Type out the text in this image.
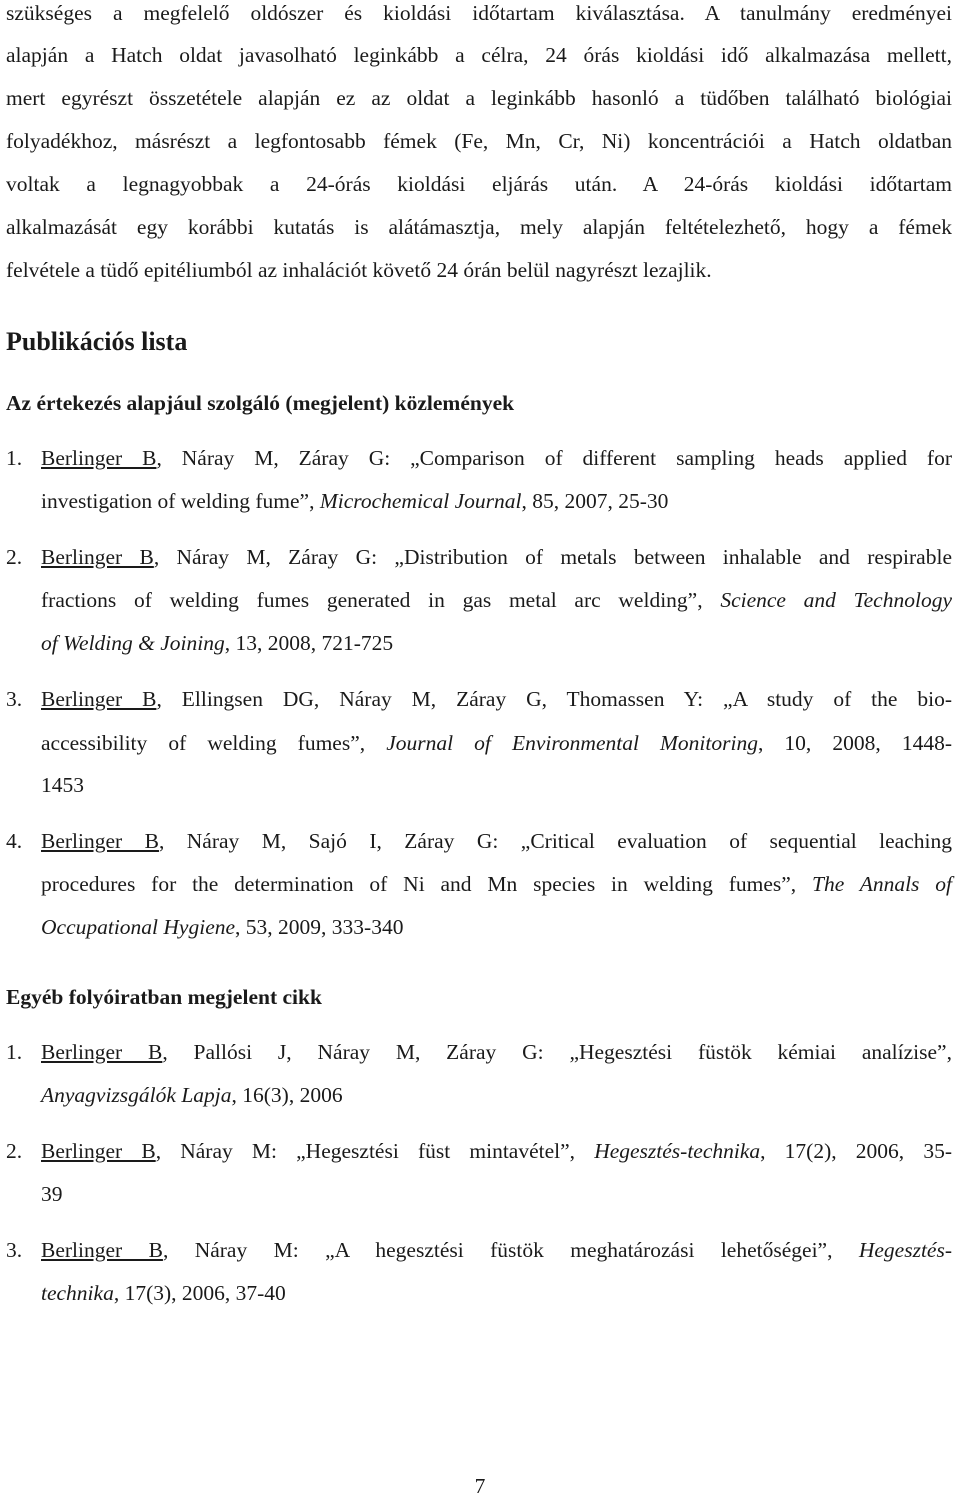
szükséges a megfelelő oldószer és kioldási időtartam kiválasztása. A tanulmány eredményei
alapján a Hatch oldat javasolható leginkább a célra, 24 órás kioldási idő alkalmazása mellett,
mert egyrészt összetétele alapján ez az oldat a leginkább hasonló a tüdőben található biológiai
folyadékhoz, másrészt a legfontosabb fémek (Fe, Mn, Cr, Ni) koncentrációi a Hatch oldatban
voltak a legnagyobbak a 24-órás kioldási eljárás után. A 24-órás kioldási időtartam
alkalmazását egy korábbi kutatás is alátámasztja, mely alapján feltételezhető, hogy a fémek
felvétele a tüdő epitéliumból az inhalációt követő 24 órán belül nagyrészt lezajlik.
Publikációs lista
Az értekezés alapjául szolgáló (megjelent) közlemények
1. Berlinger B, Náray M, Záray G: „Comparison of different sampling heads applied for
investigation of welding fume”, Microchemical Journal, 85, 2007, 25-30
2. Berlinger B, Náray M, Záray G: „Distribution of metals between inhalable and respirable
fractions of welding fumes generated in gas metal arc welding”, Science and Technology
of Welding & Joining, 13, 2008, 721-725
3. Berlinger B, Ellingsen DG, Náray M, Záray G, Thomassen Y: „A study of the bio-
accessibility of welding fumes”, Journal of Environmental Monitoring, 10, 2008, 1448-
1453
4. Berlinger B, Náray M, Sajó I, Záray G: „Critical evaluation of sequential leaching
procedures for the determination of Ni and Mn species in welding fumes”, The Annals of
Occupational Hygiene, 53, 2009, 333-340
Egyéb folyóiratban megjelent cikk
1. Berlinger B, Pallósi J, Náray M, Záray G: „Hegesztési füstök kémiai analízise”,
Anyagvizsgálók Lapja, 16(3), 2006
2. Berlinger B, Náray M: „Hegesztési füst mintavétel”, Hegesztés-technika, 17(2), 2006, 35-
39
3. Berlinger B, Náray M: „A hegesztési füstök meghatározási lehetőségei”, Hegesztés-
technika, 17(3), 2006, 37-40
7
